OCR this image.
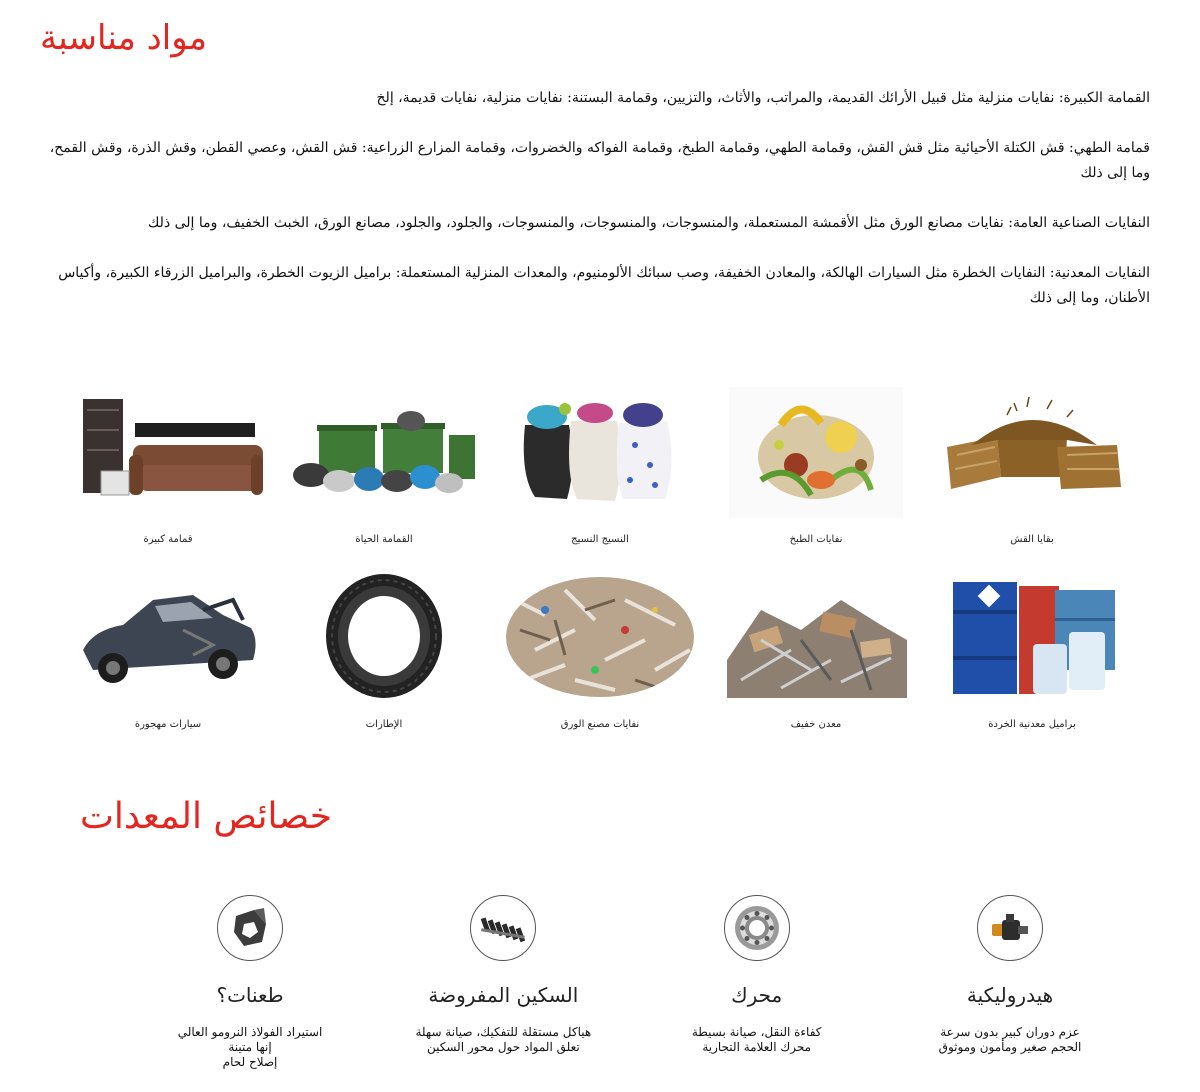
مواد مناسبة

القمامة الكبيرة: نفايات منزلية مثل قبيل الأرائك القديمة، والمراتب، والأثاث، والتزيين، وقمامة البستنة: نفايات منزلية، نفايات قديمة، إلخ

قمامة الطهي: قش الكتلة الأحيائية مثل قش القش، وقمامة الطهي، وقمامة الطبخ، وقمامة الفواكه والخضروات، وقمامة المزارع الزراعية: قش القش، وعصي القطن، وقش الذرة، وقش القمح، وما إلى ذلك

النفايات الصناعية العامة: نفايات مصانع الورق مثل الأقمشة المستعملة، والمنسوجات، والمنسوجات، والمنسوجات، والجلود، والجلود، مصانع الورق، الخبث الخفيف، وما إلى ذلك

النفايات المعدنية: النفايات الخطرة مثل السيارات الهالكة، والمعادن الخفيفة، وصب سبائك الألومنيوم، والمعدات المنزلية المستعملة: براميل الزيوت الخطرة، والبراميل الزرقاء الكبيرة، وأكياس الأطنان، وما إلى ذلك

بقايا القش
نفايات الطبخ
النسيج النسيج
القمامة الحياة
قمامة كبيرة
براميل معدنية الخردة
معدن خفيف
نفايات مصنع الورق
الإطارات
سيارات مهجورة
خصائص المعدات
هيدروليكية
عزم دوران كبير بدون سرعة
الحجم صغير ومأمون وموثوق
محرك
كفاءة النقل، صيانة بسيطة
محرك العلامة التجارية
السكين المفروضة
هياكل مستقلة للتفكيك، صيانة سهلة
تعلق المواد حول محور السكين
طعنات؟
استيراد الفولاذ النرومو العالي
إنها متينة
إصلاح لحام
